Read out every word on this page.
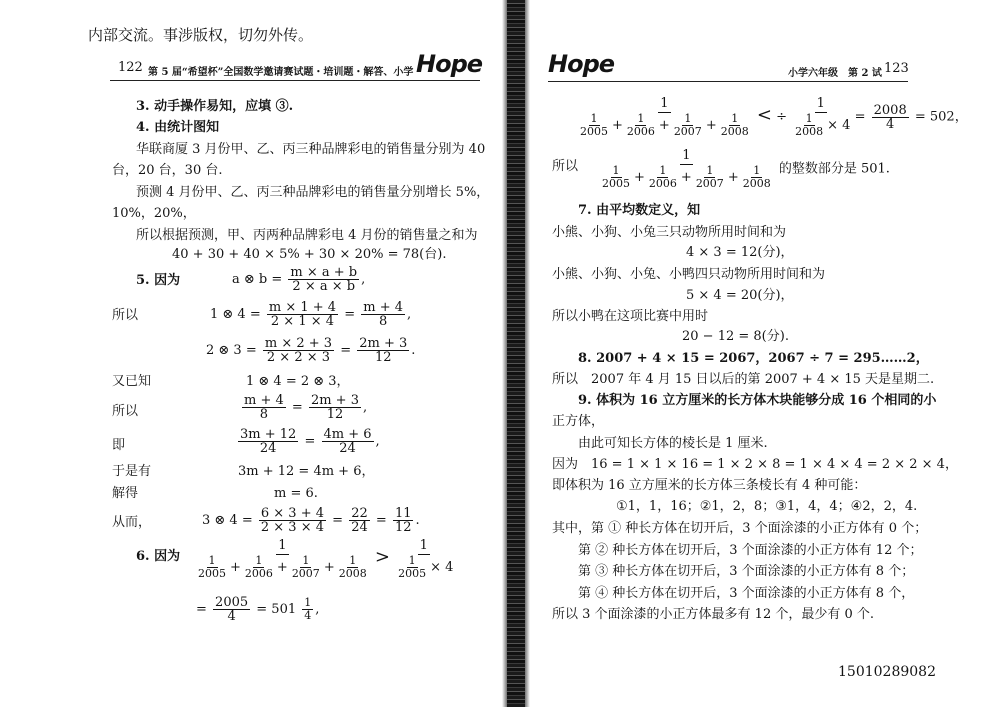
内部交流。事涉版权，切勿外传。
122 第 5 届“希望杯”全国数学邀请赛试题・培训题・解答、小学 Hope	Hope	小学六年级　第 2 试 123
3. 动手操作易知，应填 ③.
4. 由统计图知
华联商厦 3 月份甲、乙、丙三种品牌彩电的销售量分别为 40
台，20 台，30 台.
预测 4 月份甲、乙、丙三种品牌彩电的销售量分别增长 5%，
10%，20%，
所以根据预测，甲、丙两种品牌彩电 4 月份的销售量之和为
40 + 30 + 40 × 5% + 30 × 20% = 78(台).
5. 因为	a ⊗ $b = \frac{m \times a + b}{2 \times a \times b}$ ,
所以	1 ⊗ $4 = \frac{m \times 1 + 4}{2 \times 1 \times 4} = \frac{m + 4}{8}$ ,
2 ⊗ $3 = \frac{m \times 2 + 3}{2 \times 2 \times 3} = \frac{2m + 3}{12}$ .
又已知	1 ⊗ 4 = 2 ⊗ 3，
所以	$\frac{m + 4}{8} = \frac{2m + 3}{12}$ ,
即	$\frac{3m + 12}{24} = \frac{4m + 6}{24}$ ,
于是有	3m + 12 = 4m + 6，
解得	m = 6.
从而，	3 ⊗ $4 = \frac{6 \times 3 + 4}{2 \times 3 \times 4} = \frac{22}{24} = \frac{11}{12}$ .
6. 因为 $\frac{1}{\frac{1}{2005} + \frac{1}{2006} + \frac{1}{2007} + \frac{1}{2008}} > \frac{1}{\frac{1}{2005} \times 4}$
= $\frac{2005}{4} = 501 \frac{1}{4}$ ,
$\frac{1}{\frac{1}{2005} + \frac{1}{2006} + \frac{1}{2007} + \frac{1}{2008}}$ < ÷ $\frac{1}{\frac{1}{2008} \times 4} = \frac{2008}{4} = 502$，
所以 $\frac{1}{\frac{1}{2005} + \frac{1}{2006} + \frac{1}{2007} + \frac{1}{2008}}$ 的整数部分是 501.
7. 由平均数定义，知
小熊、小狗、小兔三只动物所用时间和为
4 × 3 = 12(分)，
小熊、小狗、小兔、小鸭四只动物所用时间和为
5 × 4 = 20(分)，
所以小鸭在这项比赛中用时
20 − 12 = 8(分).
8. 2007 + 4 × 15 = 2067，2067 ÷ 7 = 295……2，
所以　2007 年 4 月 15 日以后的第 2007 + 4 × 15 天是星期二.
9. 体积为 16 立方厘米的长方体木块能够分成 16 个相同的小
正方体，
由此可知长方体的棱长是 1 厘米.
因为　16 = 1 × 1 × 16 = 1 × 2 × 8 = 1 × 4 × 4 = 2 × 2 × 4，
即体积为 16 立方厘米的长方体三条棱长有 4 种可能：
①1，1，16；②1，2，8；③1，4，4；④2，2，4.
其中，第 ① 种长方体在切开后，3 个面涂漆的小正方体有 0 个；
第 ② 种长方体在切开后，3 个面涂漆的小正方体有 12 个；
第 ③ 种长方体在切开后，3 个面涂漆的小正方体有 8 个；
第 ④ 种长方体在切开后，3 个面涂漆的小正方体有 8 个，
所以 3 个面涂漆的小正方体最多有 12 个，最少有 0 个.
15010289082
